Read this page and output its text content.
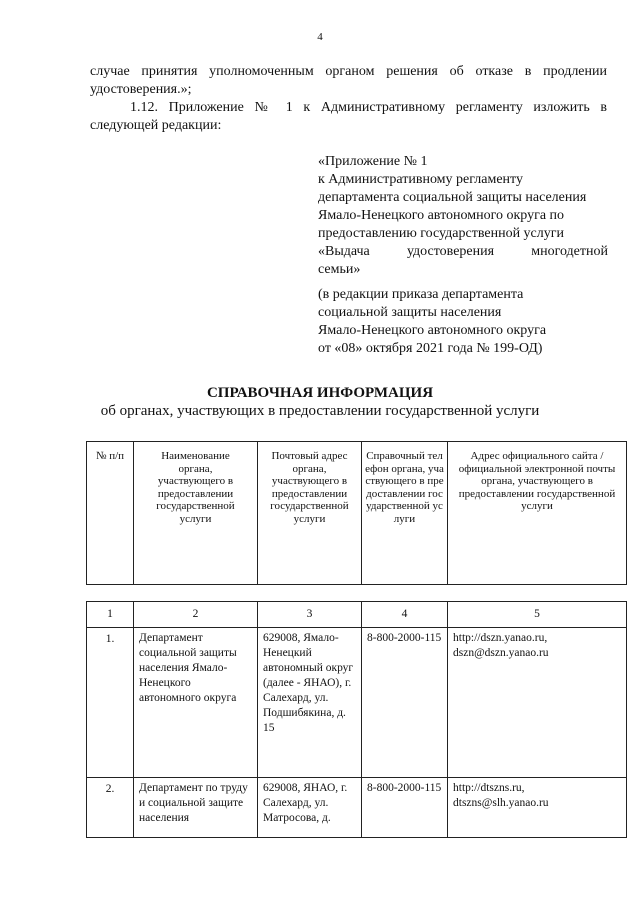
4
случае принятия уполномоченным органом решения об отказе в продлении удостоверения.»;
1.12. Приложение № 1 к Административному регламенту изложить в следующей редакции:
«Приложение № 1
к Административному регламенту
департамента социальной защиты населения
Ямало-Ненецкого автономного округа по
предоставлению государственной услуги
«Выдача	удостоверения	многодетной
семьи»
(в редакции приказа департамента
социальной защиты населения
Ямало-Ненецкого автономного округа
от «08» октября 2021 года № 199-ОД)
СПРАВОЧНАЯ ИНФОРМАЦИЯ
об органах, участвующих в предоставлении государственной услуги
№ п/п	Наименование органа, участвующего в предоставлении государственной услуги	Почтовый адрес органа, участвующего в предоставлении государственной услуги	Справочный телефон органа, участвующего в предоставлении государственной услуги	Адрес официального сайта /официальной электронной почты органа, участвующего в предоставлении государственной услуги
1	2	3	4	5
1.	Департамент социальной защиты населения Ямало-Ненецкого автономного округа	629008, Ямало-Ненецкий автономный округ (далее - ЯНАО), г. Салехард, ул. Подшибякина, д. 15	8-800-2000-115	http://dszn.yanao.ru, dszn@dszn.yanao.ru
2.	Департамент по труду и социальной защите населения	629008, ЯНАО, г. Салехард, ул. Матросова, д.	8-800-2000-115	http://dtszns.ru, dtszns@slh.yanao.ru
